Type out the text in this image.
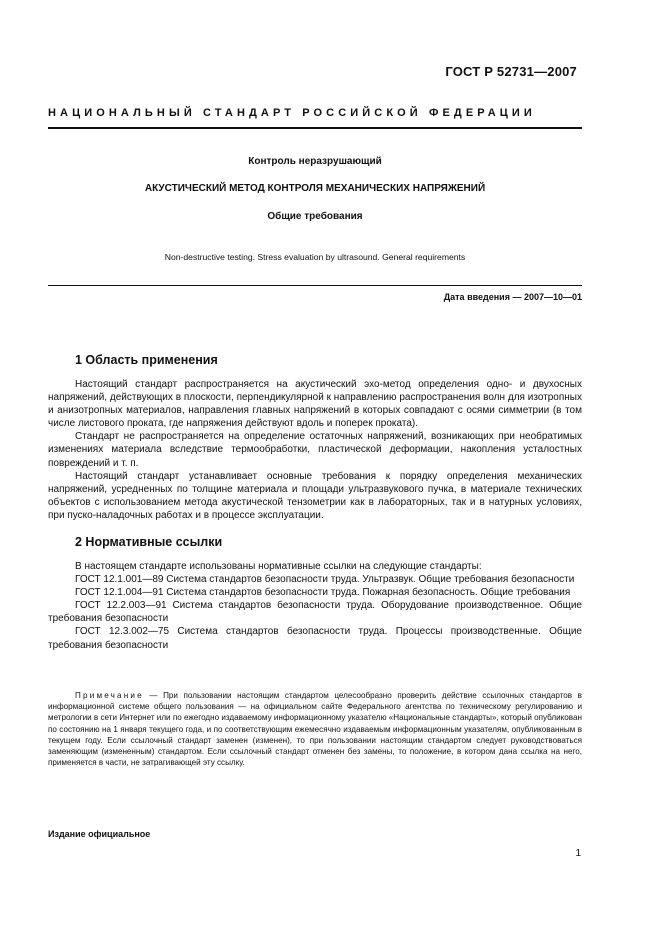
ГОСТ Р 52731—2007
НАЦИОНАЛЬНЫЙ СТАНДАРТ РОССИЙСКОЙ ФЕДЕРАЦИИ
Контроль неразрушающий
АКУСТИЧЕСКИЙ МЕТОД КОНТРОЛЯ МЕХАНИЧЕСКИХ НАПРЯЖЕНИЙ
Общие требования
Non-destructive testing. Stress evaluation by ultrasound. General requirements
Дата введения — 2007—10—01
1 Область применения

Настоящий стандарт распространяется на акустический эхо-метод определения одно- и двухосных напряжений, действующих в плоскости, перпендикулярной к направлению распространения волн для изотропных и анизотропных материалов, направления главных напряжений в которых совпадают с осями симметрии (в том числе листового проката, где напряжения действуют вдоль и поперек проката).

Стандарт не распространяется на определение остаточных напряжений, возникающих при необратимых изменениях материала вследствие термообработки, пластической деформации, накопления усталостных повреждений и т. п.

Настоящий стандарт устанавливает основные требования к порядку определения механических напряжений, усредненных по толщине материала и площади ультразвукового пучка, в материале технических объектов с использованием метода акустической тензометрии как в лабораторных, так и в натурных условиях, при пуско-наладочных работах и в процессе эксплуатации.

2 Нормативные ссылки

В настоящем стандарте использованы нормативные ссылки на следующие стандарты:

ГОСТ 12.1.001—89 Система стандартов безопасности труда. Ультразвук. Общие требования безопасности

ГОСТ 12.1.004—91 Система стандартов безопасности труда. Пожарная безопасность. Общие требования

ГОСТ 12.2.003—91 Система стандартов безопасности труда. Оборудование производственное. Общие требования безопасности

ГОСТ 12.3.002—75 Система стандартов безопасности труда. Процессы производственные. Общие требования безопасности

Примечание — При пользовании настоящим стандартом целесообразно проверить действие ссылочных стандартов в информационной системе общего пользования — на официальном сайте Федерального агентства по техническому регулированию и метрологии в сети Интернет или по ежегодно издаваемому информационному указателю «Национальные стандарты», который опубликован по состоянию на 1 января текущего года, и по соответствующим ежемесячно издаваемым информационным указателям, опубликованным в текущем году. Если ссылочный стандарт заменен (изменен), то при пользовании настоящим стандартом следует руководствоваться заменяющим (измененным) стандартом. Если ссылочный стандарт отменен без замены, то положение, в котором дана ссылка на него, применяется в части, не затрагивающей эту ссылку.
Издание официальное
1
